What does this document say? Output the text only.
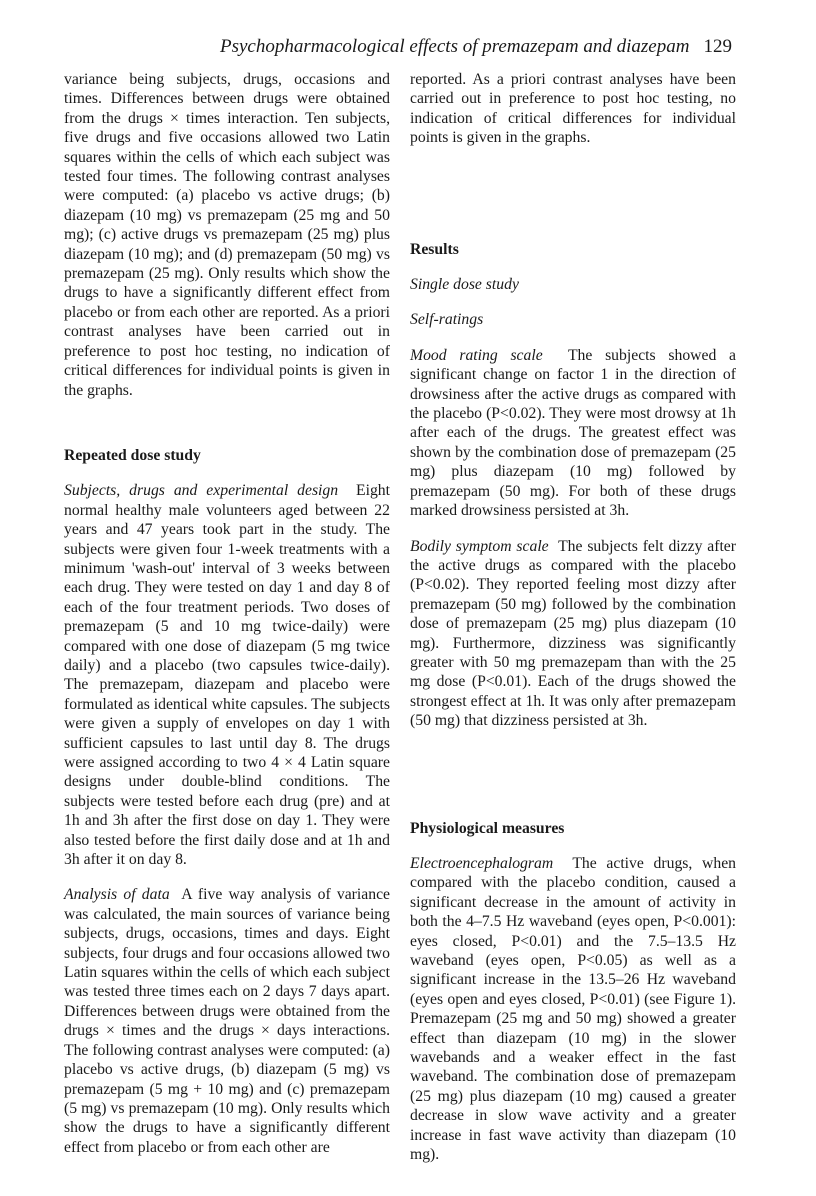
Psychopharmacological effects of premazepam and diazepam 129

variance being subjects, drugs, occasions and times. Differences between drugs were obtained from the drugs × times interaction. Ten subjects, five drugs and five occasions allowed two Latin squares within the cells of which each subject was tested four times. The following contrast analyses were computed: (a) placebo vs active drugs; (b) diazepam (10 mg) vs premazepam (25 mg and 50 mg); (c) active drugs vs premazepam (25 mg) plus diazepam (10 mg); and (d) premazepam (50 mg) vs premazepam (25 mg). Only results which show the drugs to have a significantly different effect from placebo or from each other are reported. As a priori contrast analyses have been carried out in preference to post hoc testing, no indication of critical differences for individual points is given in the graphs.

Repeated dose study

Subjects, drugs and experimental design Eight normal healthy male volunteers aged between 22 years and 47 years took part in the study. The subjects were given four 1-week treatments with a minimum 'wash-out' interval of 3 weeks between each drug. They were tested on day 1 and day 8 of each of the four treatment periods. Two doses of premazepam (5 and 10 mg twice-daily) were compared with one dose of diazepam (5 mg twice daily) and a placebo (two capsules twice-daily). The premazepam, diazepam and placebo were formulated as identical white capsules. The subjects were given a supply of envelopes on day 1 with sufficient capsules to last until day 8. The drugs were assigned according to two 4 × 4 Latin square designs under double-blind conditions. The subjects were tested before each drug (pre) and at 1h and 3h after the first dose on day 1. They were also tested before the first daily dose and at 1h and 3h after it on day 8.

Analysis of data A five way analysis of variance was calculated, the main sources of variance being subjects, drugs, occasions, times and days. Eight subjects, four drugs and four occasions allowed two Latin squares within the cells of which each subject was tested three times each on 2 days 7 days apart. Differences between drugs were obtained from the drugs × times and the drugs × days interactions. The following contrast analyses were computed: (a) placebo vs active drugs, (b) diazepam (5 mg) vs premazepam (5 mg + 10 mg) and (c) premazepam (5 mg) vs premazepam (10 mg). Only results which show the drugs to have a significantly different effect from placebo or from each other are

reported. As a priori contrast analyses have been carried out in preference to post hoc testing, no indication of critical differences for individual points is given in the graphs.

Results
Single dose study
Self-ratings

Mood rating scale The subjects showed a significant change on factor 1 in the direction of drowsiness after the active drugs as compared with the placebo (P<0.02). They were most drowsy at 1h after each of the drugs. The greatest effect was shown by the combination dose of premazepam (25 mg) plus diazepam (10 mg) followed by premazepam (50 mg). For both of these drugs marked drowsiness persisted at 3h.

Bodily symptom scale The subjects felt dizzy after the active drugs as compared with the placebo (P<0.02). They reported feeling most dizzy after premazepam (50 mg) followed by the combination dose of premazepam (25 mg) plus diazepam (10 mg). Furthermore, dizziness was significantly greater with 50 mg premazepam than with the 25 mg dose (P<0.01). Each of the drugs showed the strongest effect at 1h. It was only after premazepam (50 mg) that dizziness persisted at 3h.

Physiological measures

Electroencephalogram The active drugs, when compared with the placebo condition, caused a significant decrease in the amount of activity in both the 4–7.5 Hz waveband (eyes open, P<0.001): eyes closed, P<0.01) and the 7.5–13.5 Hz waveband (eyes open, P<0.05) as well as a significant increase in the 13.5–26 Hz waveband (eyes open and eyes closed, P<0.01) (see Figure 1). Premazepam (25 mg and 50 mg) showed a greater effect than diazepam (10 mg) in the slower wavebands and a weaker effect in the fast waveband. The combination dose of premazepam (25 mg) plus diazepam (10 mg) caused a greater decrease in slow wave activity and a greater increase in fast wave activity than diazepam (10 mg).
